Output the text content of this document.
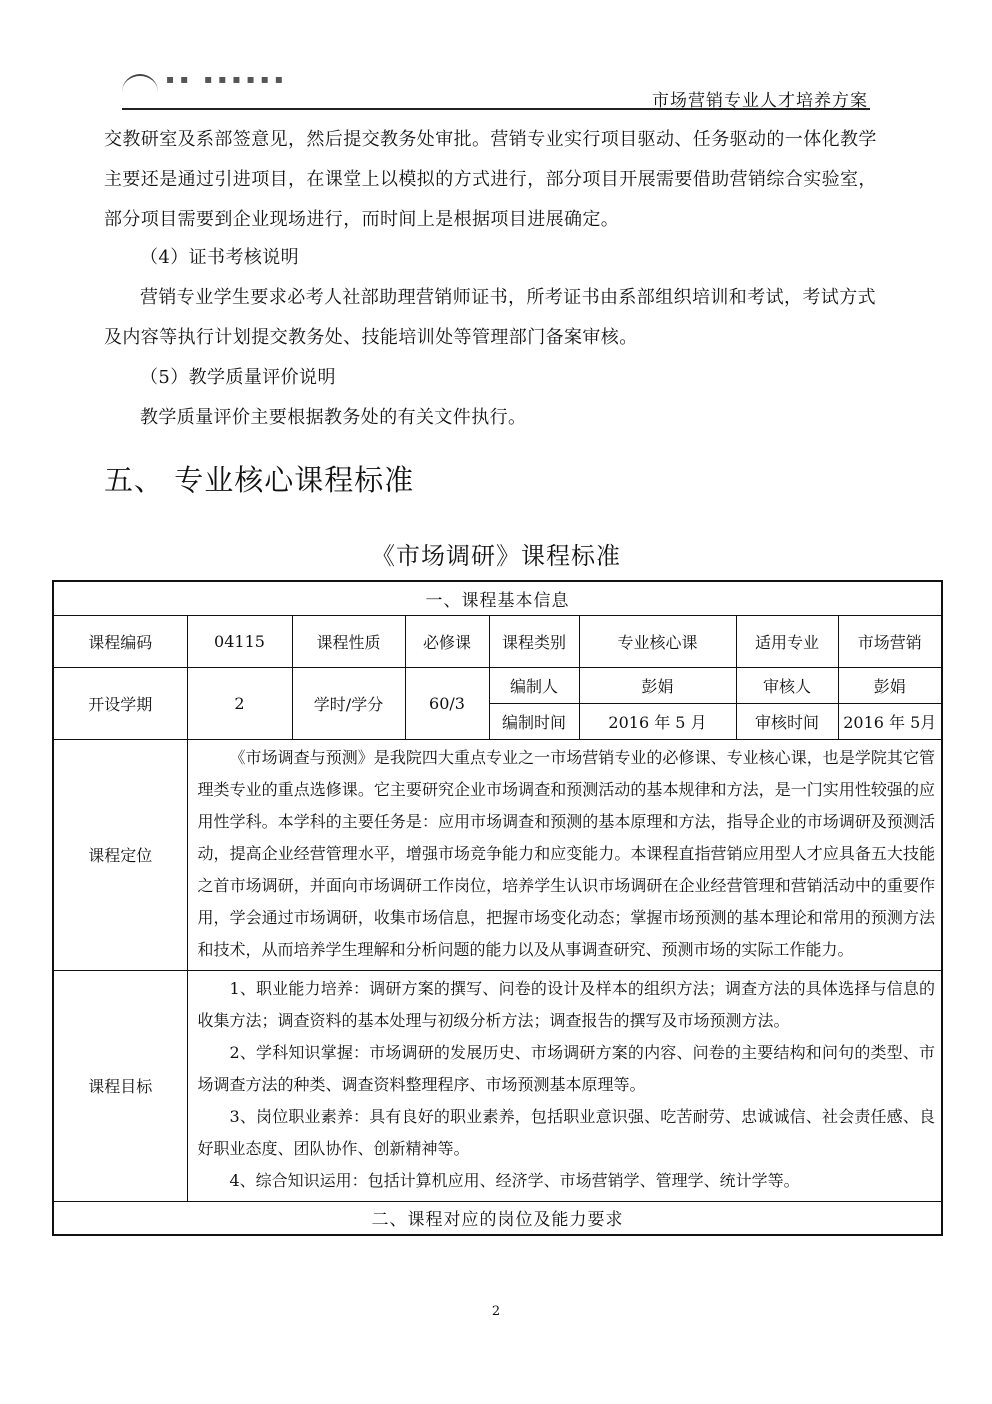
▪▪ ▪▪▪▪▪▪
市场营销专业人才培养方案

交教研室及系部签意见，然后提交教务处审批。营销专业实行项目驱动、任务驱动的一体化教学主要还是通过引进项目，在课堂上以模拟的方式进行，部分项目开展需要借助营销综合实验室，部分项目需要到企业现场进行，而时间上是根据项目进展确定。

（4）证书考核说明
营销专业学生要求必考人社部助理营销师证书，所考证书由系部组织培训和考试，考试方式及内容等执行计划提交教务处、技能培训处等管理部门备案审核。
（5）教学质量评价说明
教学质量评价主要根据教务处的有关文件执行。
五、 专业核心课程标准
《市场调研》课程标准
一、课程基本信息							
课程编码	04115	课程性质	必修课	课程类别	专业核心课	适用专业	市场营销
开设学期	2	学时/学分	60/3	编制人	彭娟	审核人	彭娟
				编制时间	2016 年 5 月	审核时间	2016 年 5月
课程定位	《市场调查与预测》是我院四大重点专业之一市场营销专业的必修课、专业核心课，也是学院其它管理类专业的重点选修课。它主要研究企业市场调查和预测活动的基本规律和方法，是一门实用性较强的应用性学科。本学科的主要任务是：应用市场调查和预测的基本原理和方法，指导企业的市场调研及预测活动，提高企业经营管理水平，增强市场竞争能力和应变能力。本课程直指营销应用型人才应具备五大技能之首市场调研，并面向市场调研工作岗位，培养学生认识市场调研在企业经营管理和营销活动中的重要作用，学会通过市场调研，收集市场信息，把握市场变化动态；掌握市场预测的基本理论和常用的预测方法和技术，从而培养学生理解和分析问题的能力以及从事调查研究、预测市场的实际工作能力。						

课程目标	1、职业能力培养：调研方案的撰写、问卷的设计及样本的组织方法；调查方法的具体选择与信息的收集方法；调查资料的基本处理与初级分析方法；调查报告的撰写及市场预测方法。

2、学科知识掌握：市场调研的发展历史、市场调研方案的内容、问卷的主要结构和问句的类型、市场调查方法的种类、调查资料整理程序、市场预测基本原理等。

3、岗位职业素养：具有良好的职业素养，包括职业意识强、吃苦耐劳、忠诚诚信、社会责任感、良好职业态度、团队协作、创新精神等。

4、综合知识运用：包括计算机应用、经济学、市场营销学、管理学、统计学等。						

二、课程对应的岗位及能力要求							
2
